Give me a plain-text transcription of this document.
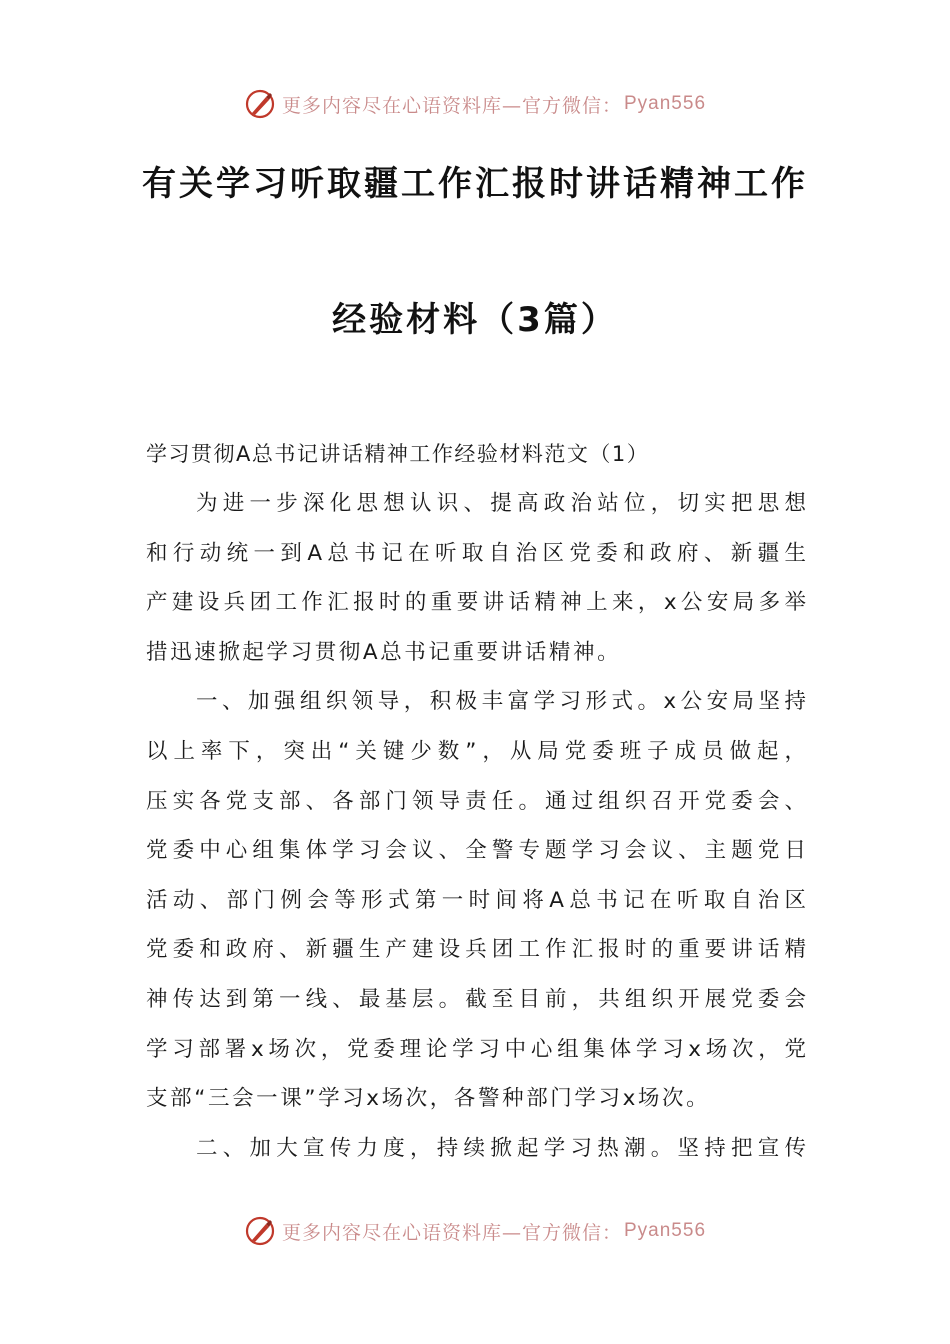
更多内容尽在心语资料库—官方微信： Pyan556
有关学习听取疆工作汇报时讲话精神工作
经验材料（3篇）
学习贯彻A总书记讲话精神工作经验材料范文（1）
为进一步深化思想认识、提高政治站位，切实把思想
和行动统一到A总书记在听取自治区党委和政府、新疆生
产建设兵团工作汇报时的重要讲话精神上来，x公安局多举
措迅速掀起学习贯彻A总书记重要讲话精神。
一、加强组织领导，积极丰富学习形式。x公安局坚持
以上率下，突出“关键少数”，从局党委班子成员做起，
压实各党支部、各部门领导责任。通过组织召开党委会、
党委中心组集体学习会议、全警专题学习会议、主题党日
活动、部门例会等形式第一时间将A总书记在听取自治区
党委和政府、新疆生产建设兵团工作汇报时的重要讲话精
神传达到第一线、最基层。截至目前，共组织开展党委会
学习部署x场次，党委理论学习中心组集体学习x场次，党
支部“三会一课”学习x场次，各警种部门学习x场次。
二、加大宣传力度，持续掀起学习热潮。坚持把宣传
更多内容尽在心语资料库—官方微信： Pyan556
